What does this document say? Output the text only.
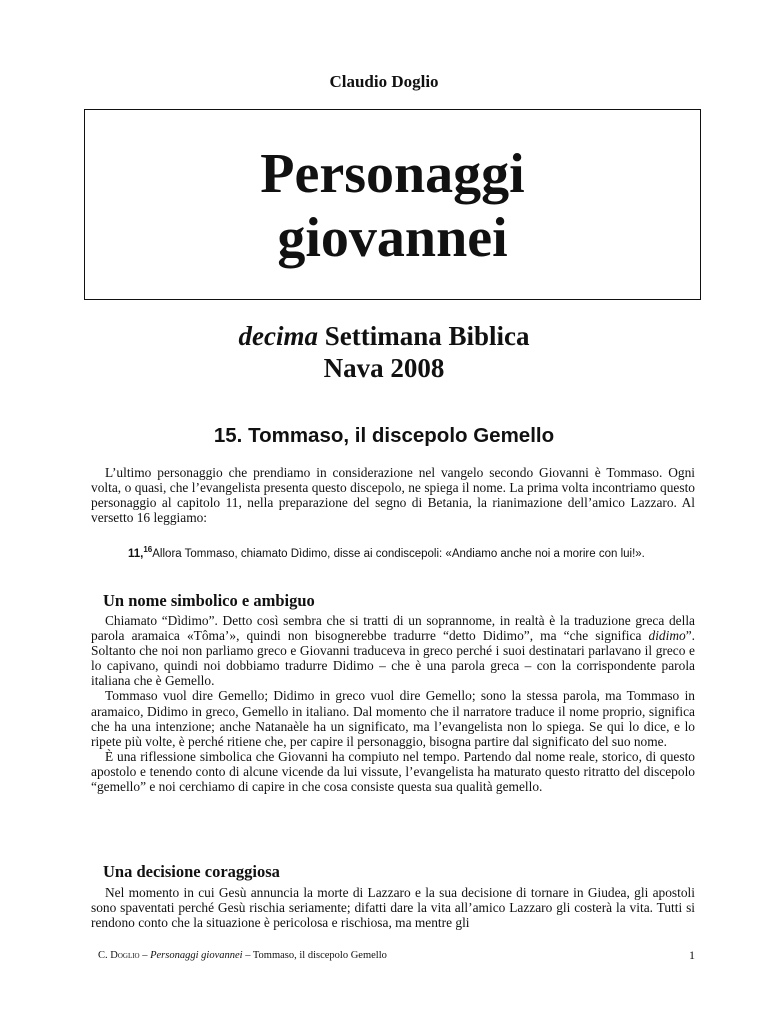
Claudio Doglio
Personaggi
giovannei
decima Settimana Biblica
Nava 2008
15. Tommaso, il discepolo Gemello

L’ultimo personaggio che prendiamo in considerazione nel vangelo secondo Giovanni è Tommaso. Ogni volta, o quasi, che l’evangelista presenta questo discepolo, ne spiega il nome. La prima volta incontriamo questo personaggio al capitolo 11, nella preparazione del segno di Betania, la rianimazione dell’amico Lazzaro. Al versetto 16 leggiamo:

11,16Allora Tommaso, chiamato Dìdimo, disse ai condiscepoli: «Andiamo anche noi a morire con lui!».
Un nome simbolico e ambiguo

Chiamato “Dìdimo”. Detto così sembra che si tratti di un soprannome, in realtà è la traduzione greca della parola aramaica «Tôma’», quindi non bisognerebbe tradurre “detto Didimo”, ma “che significa didimo”. Soltanto che noi non parliamo greco e Giovanni traduceva in greco perché i suoi destinatari parlavano il greco e lo capivano, quindi noi dobbiamo tradurre Didimo – che è una parola greca – con la corrispondente parola italiana che è Gemello.

Tommaso vuol dire Gemello; Didimo in greco vuol dire Gemello; sono la stessa parola, ma Tommaso in aramaico, Didimo in greco, Gemello in italiano. Dal momento che il narratore traduce il nome proprio, significa che ha una intenzione; anche Natanaèle ha un significato, ma l’evangelista non lo spiega. Se qui lo dice, e lo ripete più volte, è perché ritiene che, per capire il personaggio, bisogna partire dal significato del suo nome.

È una riflessione simbolica che Giovanni ha compiuto nel tempo. Partendo dal nome reale, storico, di questo apostolo e tenendo conto di alcune vicende da lui vissute, l’evangelista ha maturato questo ritratto del discepolo “gemello” e noi cerchiamo di capire in che cosa consiste questa sua qualità gemello.

Una decisione coraggiosa

Nel momento in cui Gesù annuncia la morte di Lazzaro e la sua decisione di tornare in Giudea, gli apostoli sono spaventati perché Gesù rischia seriamente; difatti dare la vita all’amico Lazzaro gli costerà la vita. Tutti si rendono conto che la situazione è pericolosa e rischiosa, ma mentre gli

C. Doglio – Personaggi giovannei – Tommaso, il discepolo Gemello	1
